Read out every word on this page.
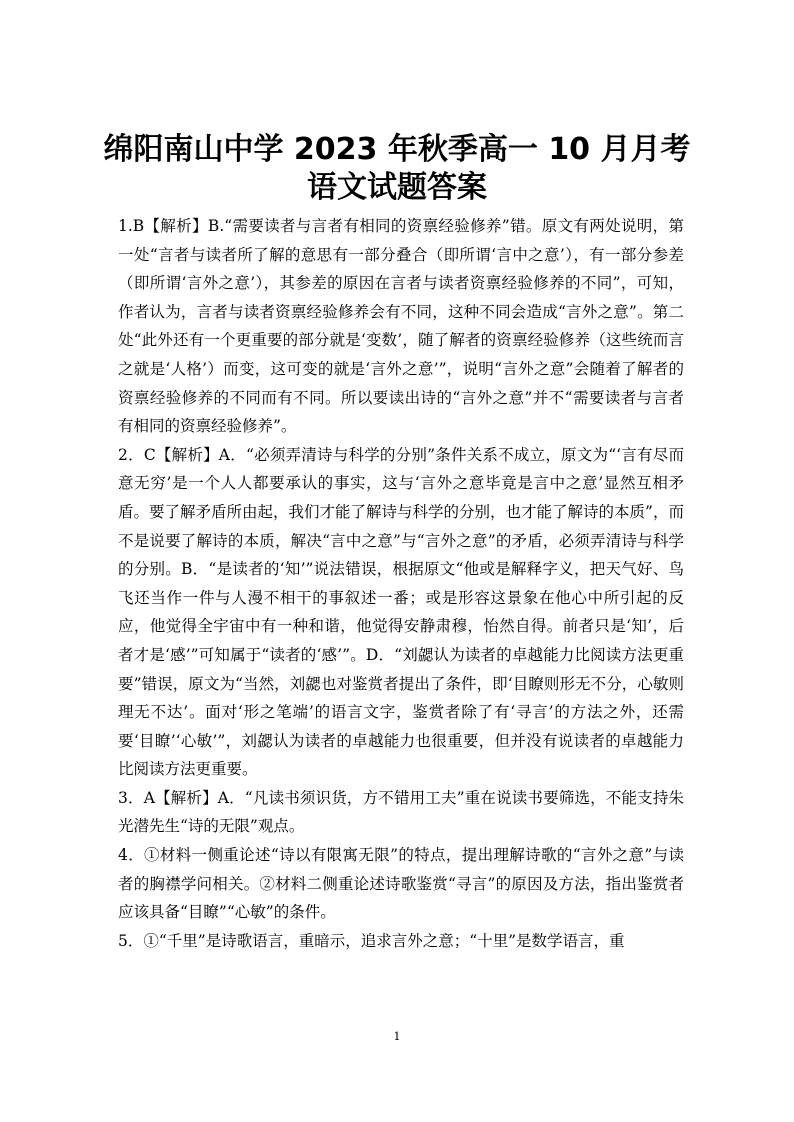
绵阳南山中学 2023 年秋季高一 10 月月考
语文试题答案

1.B【解析】B.“需要读者与言者有相同的资禀经验修养”错。原文有两处说明，第一处“言者与读者所了解的意思有一部分叠合（即所谓‘言中之意’），有一部分参差（即所谓‘言外之意’），其参差的原因在言者与读者资禀经验修养的不同”，可知，作者认为，言者与读者资禀经验修养会有不同，这种不同会造成“言外之意”。第二处“此外还有一个更重要的部分就是‘变数’，随了解者的资禀经验修养（这些统而言之就是‘人格’）而变，这可变的就是‘言外之意’”，说明“言外之意”会随着了解者的资禀经验修养的不同而有不同。所以要读出诗的“言外之意”并不“需要读者与言者有相同的资禀经验修养”。

2．C【解析】A．“必须弄清诗与科学的分别”条件关系不成立，原文为“‘言有尽而意无穷’是一个人人都要承认的事实，这与‘言外之意毕竟是言中之意’显然互相矛盾。要了解矛盾所由起，我们才能了解诗与科学的分别，也才能了解诗的本质”，而不是说要了解诗的本质，解决“言中之意”与“言外之意”的矛盾，必须弄清诗与科学的分别。B．“是读者的‘知’”说法错误，根据原文“他或是解释字义，把天气好、鸟飞还当作一件与人漫不相干的事叙述一番；或是形容这景象在他心中所引起的反应，他觉得全宇宙中有一种和谐，他觉得安静肃穆，怡然自得。前者只是‘知’，后者才是‘感’”可知属于“读者的‘感’”。D．“刘勰认为读者的卓越能力比阅读方法更重要”错误，原文为“当然，刘勰也对鉴赏者提出了条件，即‘目瞭则形无不分，心敏则理无不达’。面对‘形之笔端’的语言文字，鉴赏者除了有‘寻言’的方法之外，还需要‘目瞭’‘心敏’”，刘勰认为读者的卓越能力也很重要，但并没有说读者的卓越能力比阅读方法更重要。

3．A【解析】A．“凡读书须识货，方不错用工夫”重在说读书要筛选，不能支持朱光潜先生“诗的无限”观点。

4．①材料一侧重论述“诗以有限寓无限”的特点，提出理解诗歌的“言外之意”与读者的胸襟学问相关。②材料二侧重论述诗歌鉴赏“寻言”的原因及方法，指出鉴赏者应该具备“目瞭”“心敏”的条件。

5．①“千里”是诗歌语言，重暗示，追求言外之意；“十里”是数学语言，重

1
